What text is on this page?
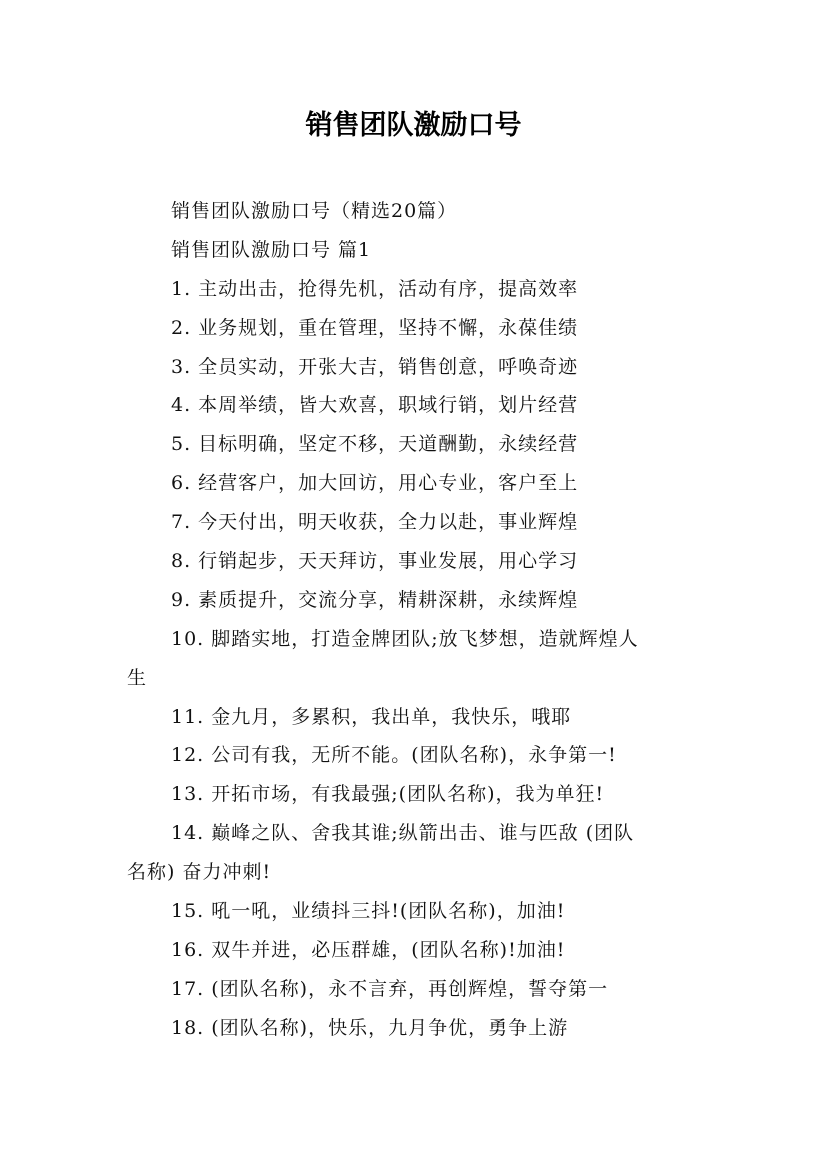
销售团队激励口号
销售团队激励口号（精选20篇）
销售团队激励口号 篇1
1. 主动出击，抢得先机，活动有序，提高效率
2. 业务规划，重在管理，坚持不懈，永葆佳绩
3. 全员实动，开张大吉，销售创意，呼唤奇迹
4. 本周举绩，皆大欢喜，职域行销，划片经营
5. 目标明确，坚定不移，天道酬勤，永续经营
6. 经营客户，加大回访，用心专业，客户至上
7. 今天付出，明天收获，全力以赴，事业辉煌
8. 行销起步，天天拜访，事业发展，用心学习
9. 素质提升，交流分享，精耕深耕，永续辉煌
10. 脚踏实地，打造金牌团队;放飞梦想，造就辉煌人
生
11. 金九月，多累积，我出单，我快乐，哦耶
12. 公司有我，无所不能。(团队名称)，永争第一!
13. 开拓市场，有我最强;(团队名称)，我为单狂!
14. 巅峰之队、舍我其谁;纵箭出击、谁与匹敌 (团队
名称) 奋力冲刺!
15. 吼一吼，业绩抖三抖!(团队名称)，加油!
16. 双牛并进，必压群雄，(团队名称)!加油!
17. (团队名称)，永不言弃，再创辉煌，誓夺第一
18. (团队名称)，快乐，九月争优，勇争上游
